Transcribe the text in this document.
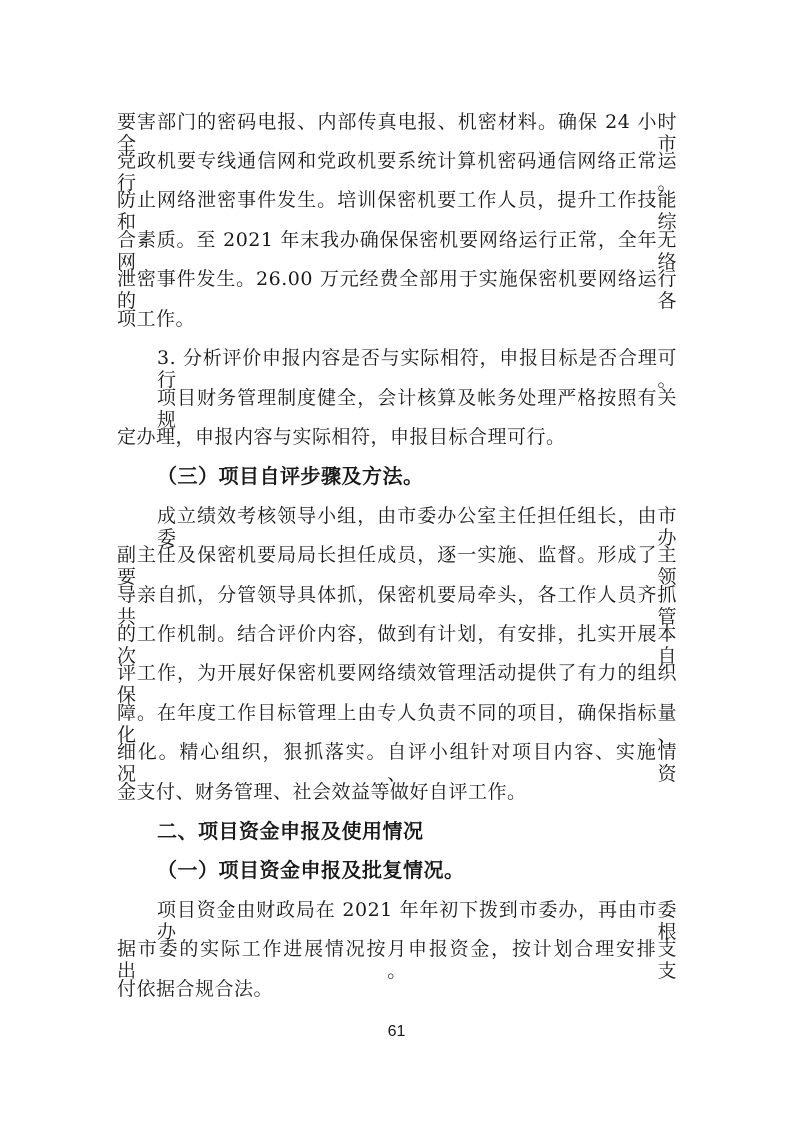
要害部门的密码电报、内部传真电报、机密材料。确保 24 小时全市
党政机要专线通信网和党政机要系统计算机密码通信网络正常运行。
防止网络泄密事件发生。培训保密机要工作人员，提升工作技能和综
合素质。至 2021 年末我办确保保密机要网络运行正常，全年无网络
泄密事件发生。26.00 万元经费全部用于实施保密机要网络运行的各
项工作。
3. 分析评价申报内容是否与实际相符，申报目标是否合理可行。
项目财务管理制度健全，会计核算及帐务处理严格按照有关规
定办理，申报内容与实际相符，申报目标合理可行。
（三）项目自评步骤及方法。
成立绩效考核领导小组，由市委办公室主任担任组长，由市委办
副主任及保密机要局局长担任成员，逐一实施、监督。形成了主要领
导亲自抓，分管领导具体抓，保密机要局牵头，各工作人员齐抓共管
的工作机制。结合评价内容，做到有计划，有安排，扎实开展本次自
评工作，为开展好保密机要网络绩效管理活动提供了有力的组织保
障。在年度工作目标管理上由专人负责不同的项目，确保指标量化、
细化。精心组织，狠抓落实。自评小组针对项目内容、实施情况、资
金支付、财务管理、社会效益等做好自评工作。
二、项目资金申报及使用情况
（一）项目资金申报及批复情况。
项目资金由财政局在 2021 年年初下拨到市委办，再由市委办根
据市委的实际工作进展情况按月申报资金，按计划合理安排支出。支
付依据合规合法。
61
